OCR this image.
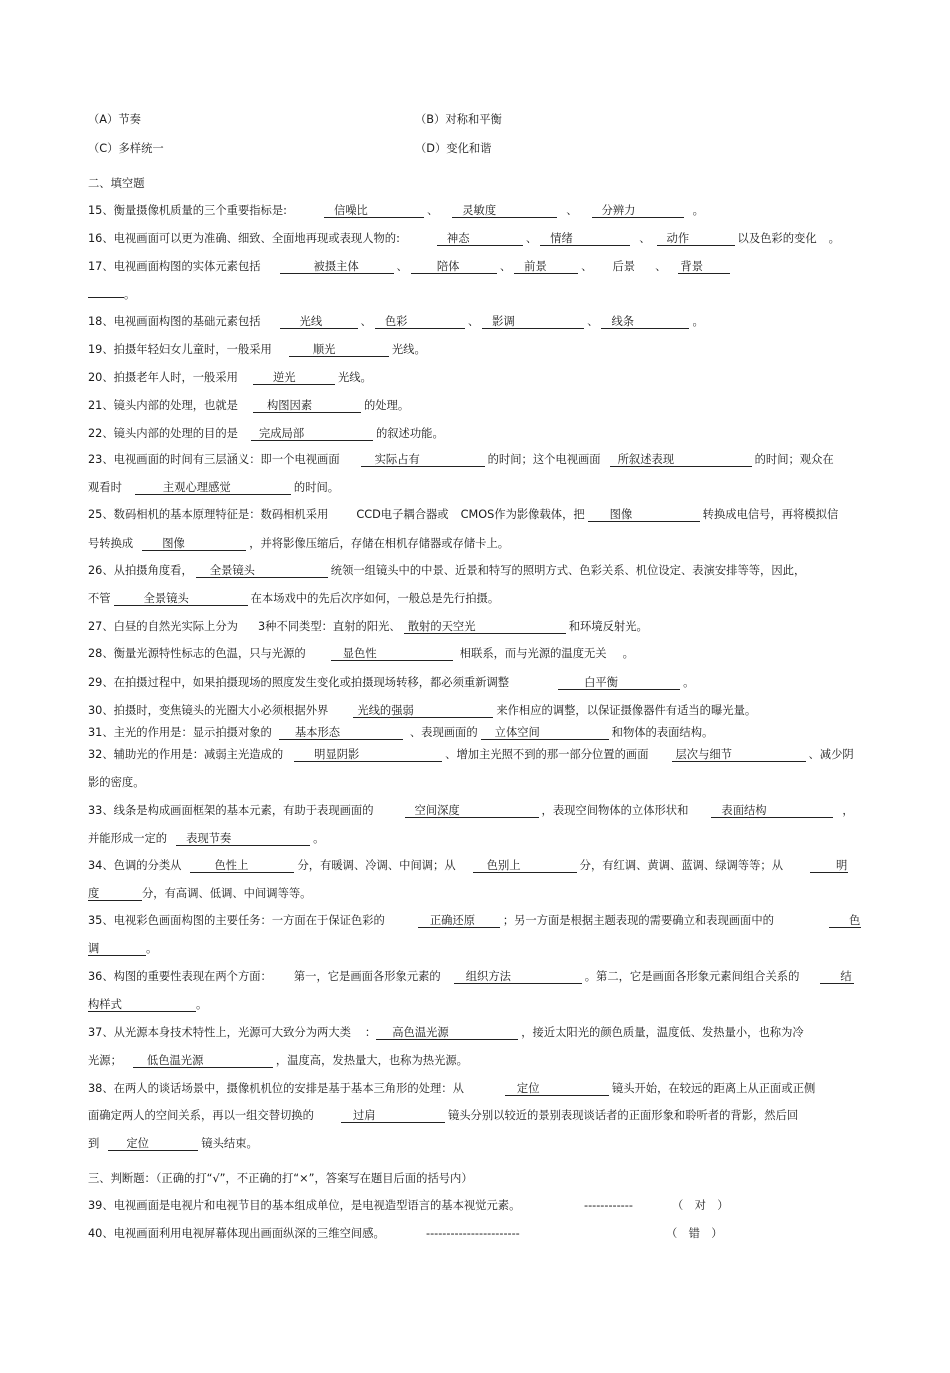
（A）节奏	（B）对称和平衡
（C）多样统一	（D）变化和谐
二、填空题
15、衡量摄像机质量的三个重要指标是:	信噪比	、 灵敏度	、 分辨力	。
16、电视画面可以更为准确、细致、全面地再现或表现人物的:	神态	、 情绪	、 动作	以及色彩的变化 。
17、电视画面构图的实体元素包括	被摄主体	、	陪体	、 前景	、 后景 、 背景
。
18、电视画面构图的基础元素包括	光线	、 色彩	、 影调	、 线条	。
19、拍摄年轻妇女儿童时，一般采用	顺光	光线。
20、拍摄老年人时，一般采用	逆光	光线。
21、镜头内部的处理，也就是	构图因素	的处理。
22、镜头内部的处理的目的是 完成局部	的叙述功能。
23、电视画面的时间有三层涵义：即一个电视画面	实际占有	的时间；这个电视画面 所叙述表现	的时间；观众在
观看时	主观心理感觉	的时间。
25、数码相机的基本原理特征是：数码相机采用 CCD电子耦合器或 CMOS作为影像载体，把 图像	转换成电信号，再将模拟信
号转换成	图像	，并将影像压缩后，存储在相机存储器或存储卡上。
26、从拍摄角度看， 全景镜头	统领一组镜头中的中景、近景和特写的照明方式、色彩关系、机位设定、表演安排等等，因此，
不管	全景镜头	在本场戏中的先后次序如何，一般总是先行拍摄。
27、白昼的自然光实际上分为 3种不同类型：直射的阳光、 散射的天空光	和环境反射光。
28、衡量光源特性标志的色温，只与光源的	显色性	相联系，而与光源的温度无关 。
29、在拍摄过程中，如果拍摄现场的照度发生变化或拍摄现场转移，都必须重新调整	白平衡	。
30、拍摄时，变焦镜头的光圈大小必须根据外界	光线的强弱	来作相应的调整，以保证摄像器件有适当的曝光量。
31、主光的作用是：显示拍摄对象的 基本形态	、表现画面的 立体空间	和物体的表面结构。
32、辅助光的作用是：减弱主光造成的	明显阴影	、增加主光照不到的那一部分位置的画面 层次与细节	、减少阴
影的密度。
33、线条是构成画面框架的基本元素，有助于表现画面的	空间深度	，表现空间物体的立体形状和	表面结构	，
并能形成一定的 表现节奏	。
34、色调的分类从	色性上	分，有暖调、冷调、中间调；从	色别上	分，有红调、黄调、蓝调、绿调等等；从	明
度	分，有高调、低调、中间调等等。
35、电视彩色画面构图的主要任务：一方面在于保证色彩的	正确还原 ；另一方面是根据主题表现的需要确立和表现画面中的	色
调	。
36、构图的重要性表现在两个方面： 第一，它是画面各形象元素的 组织方法	。第二，它是画面各形象元素间组合关系的	结
构样式	。
37、从光源本身技术特性上，光源可大致分为两大类 ： 高色温光源	，接近太阳光的颜色质量，温度低、发热量小，也称为冷
光源； 低色温光源	，温度高，发热量大，也称为热光源。
38、在两人的谈话场景中，摄像机机位的安排是基于基本三角形的处理：从	定位	镜头开始，在较远的距离上从正面或正侧
面确定两人的空间关系，再以一组交替切换的	过肩	镜头分别以较近的景别表现谈话者的正面形象和聆听者的背影，然后回
到 定位	镜头结束。
三、判断题：（正确的打“√”，不正确的打“×”，答案写在题目后面的括号内）
39、电视画面是电视片和电视节目的基本组成单位，是电视造型语言的基本视觉元素。	------------	（　对　）
40、电视画面利用电视屏幕体现出画面纵深的三维空间感。	-----------------------	（　错　）
